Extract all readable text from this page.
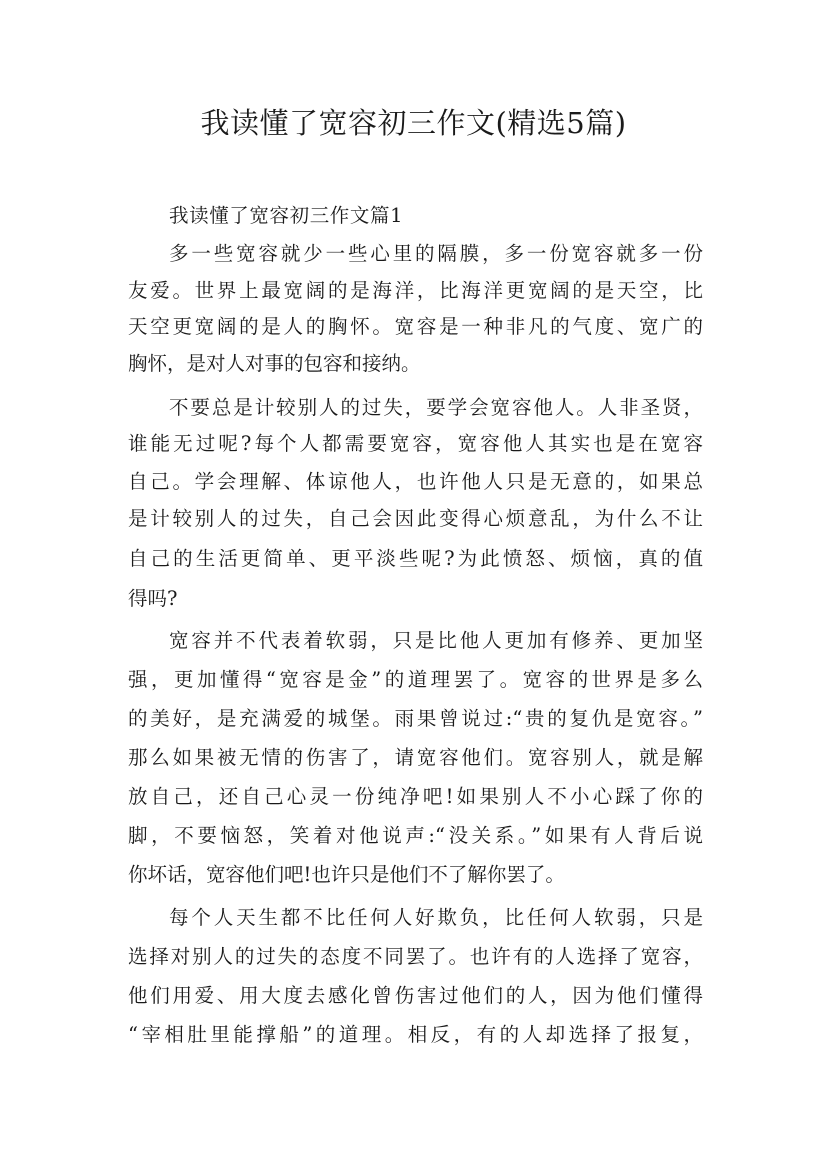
我读懂了宽容初三作文(精选5篇)
我读懂了宽容初三作文篇1
多一些宽容就少一些心里的隔膜，多一份宽容就多一份
友爱。世界上最宽阔的是海洋，比海洋更宽阔的是天空，比
天空更宽阔的是人的胸怀。宽容是一种非凡的气度、宽广的
胸怀，是对人对事的包容和接纳。
不要总是计较别人的过失，要学会宽容他人。人非圣贤，
谁能无过呢?每个人都需要宽容，宽容他人其实也是在宽容
自己。学会理解、体谅他人，也许他人只是无意的，如果总
是计较别人的过失，自己会因此变得心烦意乱，为什么不让
自己的生活更简单、更平淡些呢?为此愤怒、烦恼，真的值
得吗?
宽容并不代表着软弱，只是比他人更加有修养、更加坚
强，更加懂得“宽容是金”的道理罢了。宽容的世界是多么
的美好，是充满爱的城堡。雨果曾说过:“贵的复仇是宽容。”
那么如果被无情的伤害了，请宽容他们。宽容别人，就是解
放自己，还自己心灵一份纯净吧!如果别人不小心踩了你的
脚，不要恼怒，笑着对他说声:“没关系。”如果有人背后说
你坏话，宽容他们吧!也许只是他们不了解你罢了。
每个人天生都不比任何人好欺负，比任何人软弱，只是
选择对别人的过失的态度不同罢了。也许有的人选择了宽容，
他们用爱、用大度去感化曾伤害过他们的人，因为他们懂得
“宰相肚里能撑船”的道理。相反，有的人却选择了报复，
